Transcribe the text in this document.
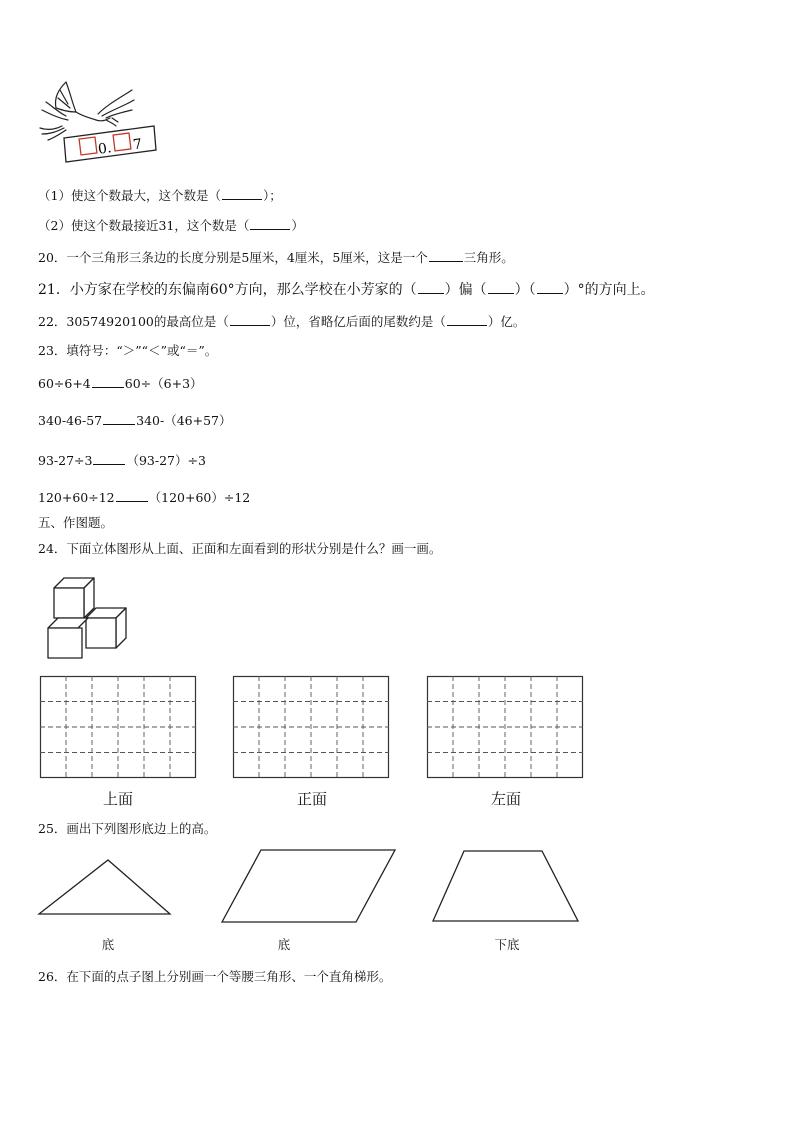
0. 7
（1）使这个数最大，这个数是（	）；
（2）使这个数最接近31，这个数是（	）
20．一个三角形三条边的长度分别是5厘米，4厘米，5厘米，这是一个	三角形。
21．小方家在学校的东偏南60°方向，那么学校在小芳家的（ ）偏（ ）（ ）°的方向上。
22．30574920100的最高位是（	）位，省略亿后面的尾数约是（	）亿。
23．填符号：“＞”“＜”或“＝”。
60÷6+4	60÷（6+3）
340-46-57	340-（46+57）
93-27÷3	（93-27）÷3
120+60÷12	（120+60）÷12
五、作图题。
24．下面立体图形从上面、正面和左面看到的形状分别是什么？画一画。
上面	正面	左面
25．画出下列图形底边上的高。
底	底	下底
26．在下面的点子图上分别画一个等腰三角形、一个直角梯形。
